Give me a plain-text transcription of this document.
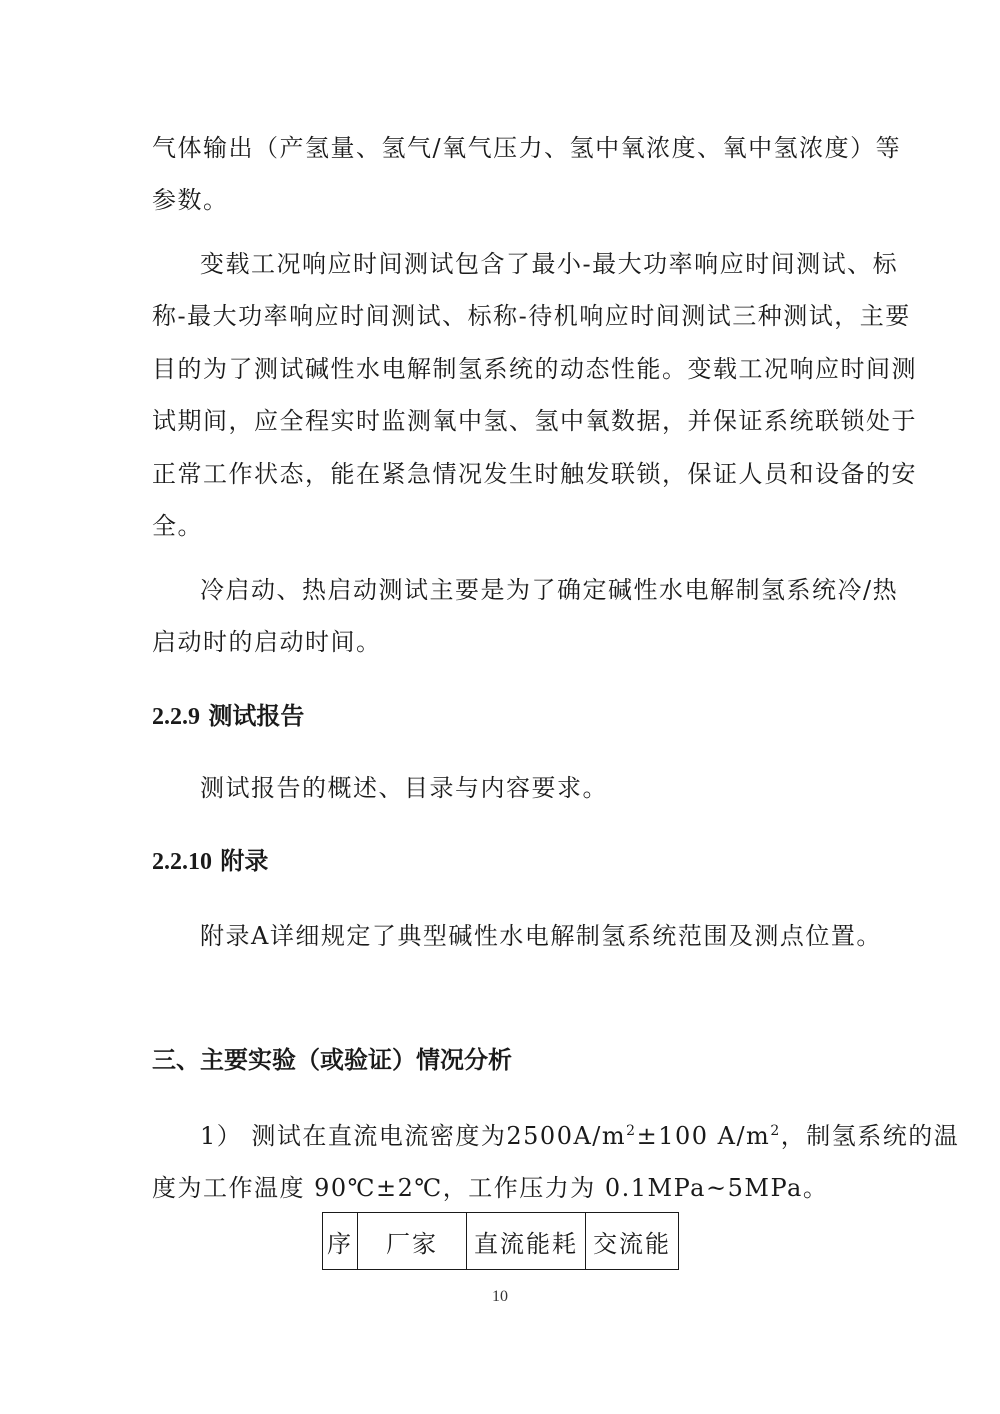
气体输出（产氢量、氢气/氧气压力、氢中氧浓度、氧中氢浓度）等
参数。
变载工况响应时间测试包含了最小-最大功率响应时间测试、标
称-最大功率响应时间测试、标称-待机响应时间测试三种测试，主要
目的为了测试碱性水电解制氢系统的动态性能。变载工况响应时间测
试期间，应全程实时监测氧中氢、氢中氧数据，并保证系统联锁处于
正常工作状态，能在紧急情况发生时触发联锁，保证人员和设备的安
全。
冷启动、热启动测试主要是为了确定碱性水电解制氢系统冷/热
启动时的启动时间。
2.2.9 测试报告
测试报告的概述、目录与内容要求。
2.2.10 附录
附录A详细规定了典型碱性水电解制氢系统范围及测点位置。
三、主要实验（或验证）情况分析
1） 测试在直流电流密度为$2500A/m^2\pm 100$ $A/m^2$，制氢系统的温
度为工作温度 90℃±2℃，工作压力为 0.1MPa~5MPa。
序	厂家	直流能耗	交流能
10
